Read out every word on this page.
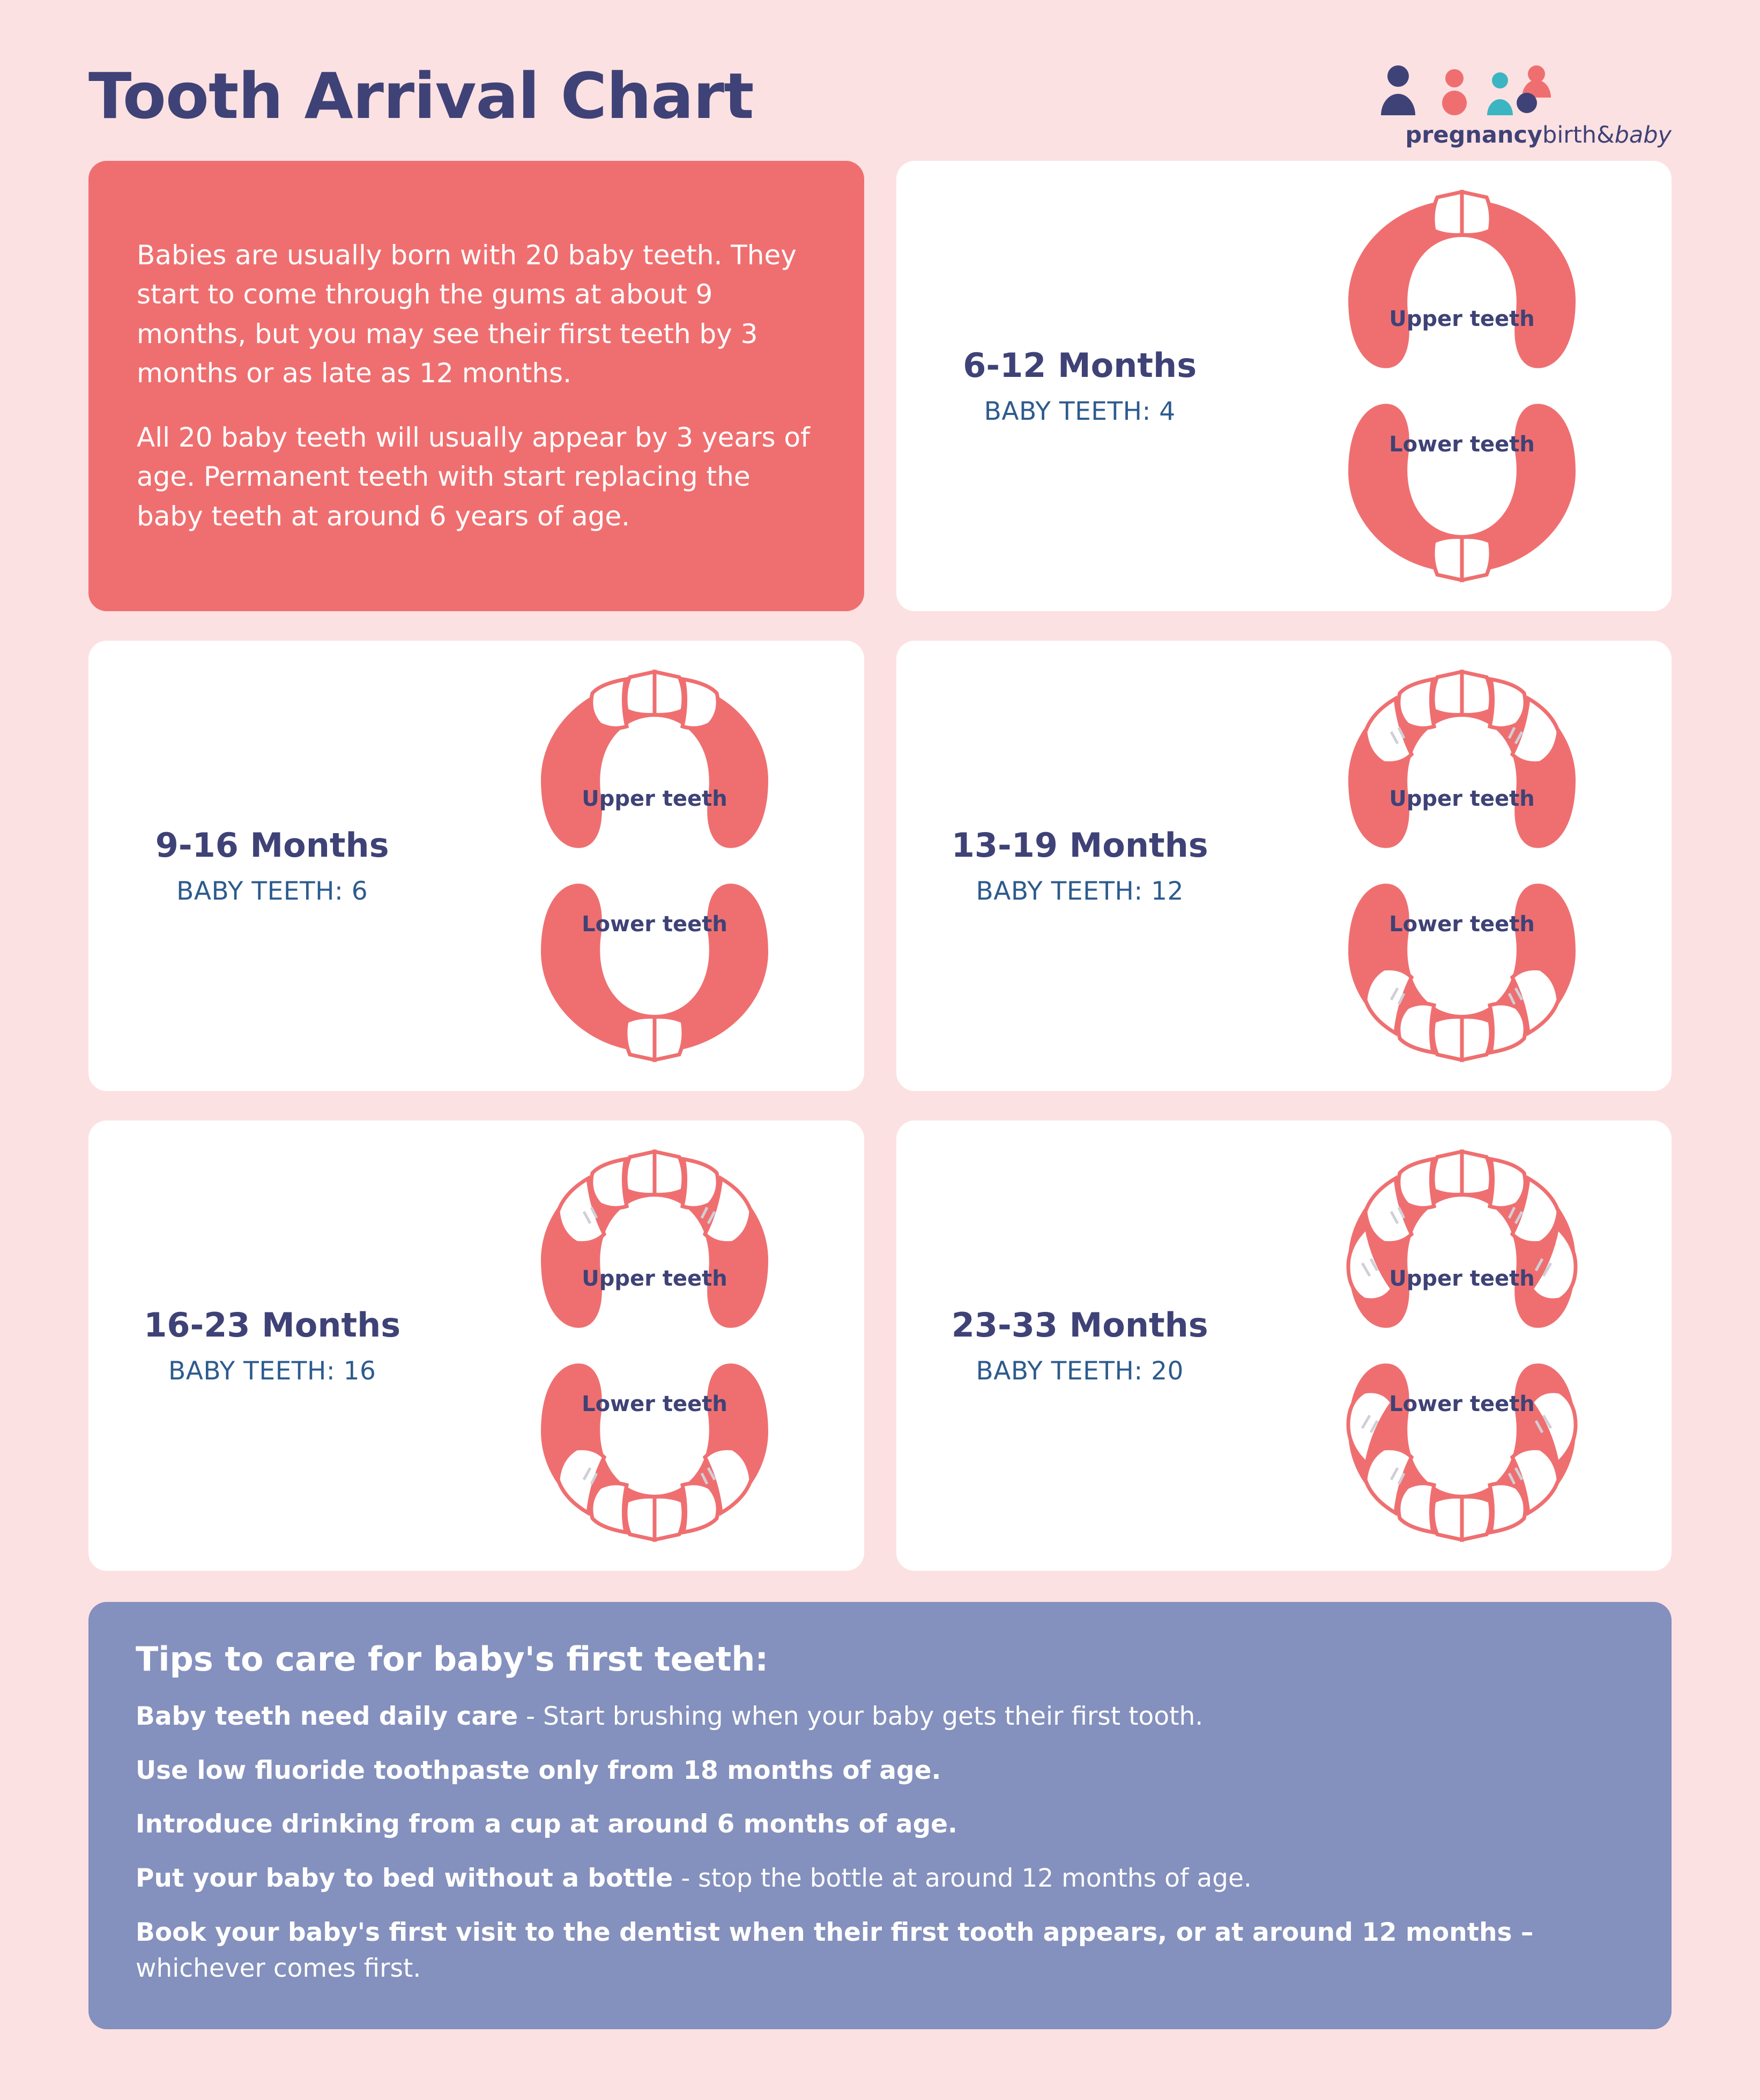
Tooth Arrival Chart
pregnancybirth&baby

Babies are usually born with 20 baby teeth. They start to come through the gums at about 9 months, but you may see their first teeth by 3 months or as late as 12 months.

All 20 baby teeth will usually appear by 3 years of age. Permanent teeth with start replacing the baby teeth at around 6 years of age.

6-12 Months
BABY TEETH: 4
Upper teeth
Lower teeth
9-16 Months
BABY TEETH: 6
Upper teeth
Lower teeth
13-19 Months
BABY TEETH: 12
Upper teeth
Lower teeth
16-23 Months
BABY TEETH: 16
Upper teeth
Lower teeth
23-33 Months
BABY TEETH: 20
Upper teeth
Lower teeth
Tips to care for baby's first teeth:
Baby teeth need daily care - Start brushing when your baby gets their first tooth.
Use low fluoride toothpaste only from 18 months of age.
Introduce drinking from a cup at around 6 months of age.
Put your baby to bed without a bottle - stop the bottle at around 12 months of age.
Book your baby's first visit to the dentist when their first tooth appears, or at around 12 months – whichever comes first.
